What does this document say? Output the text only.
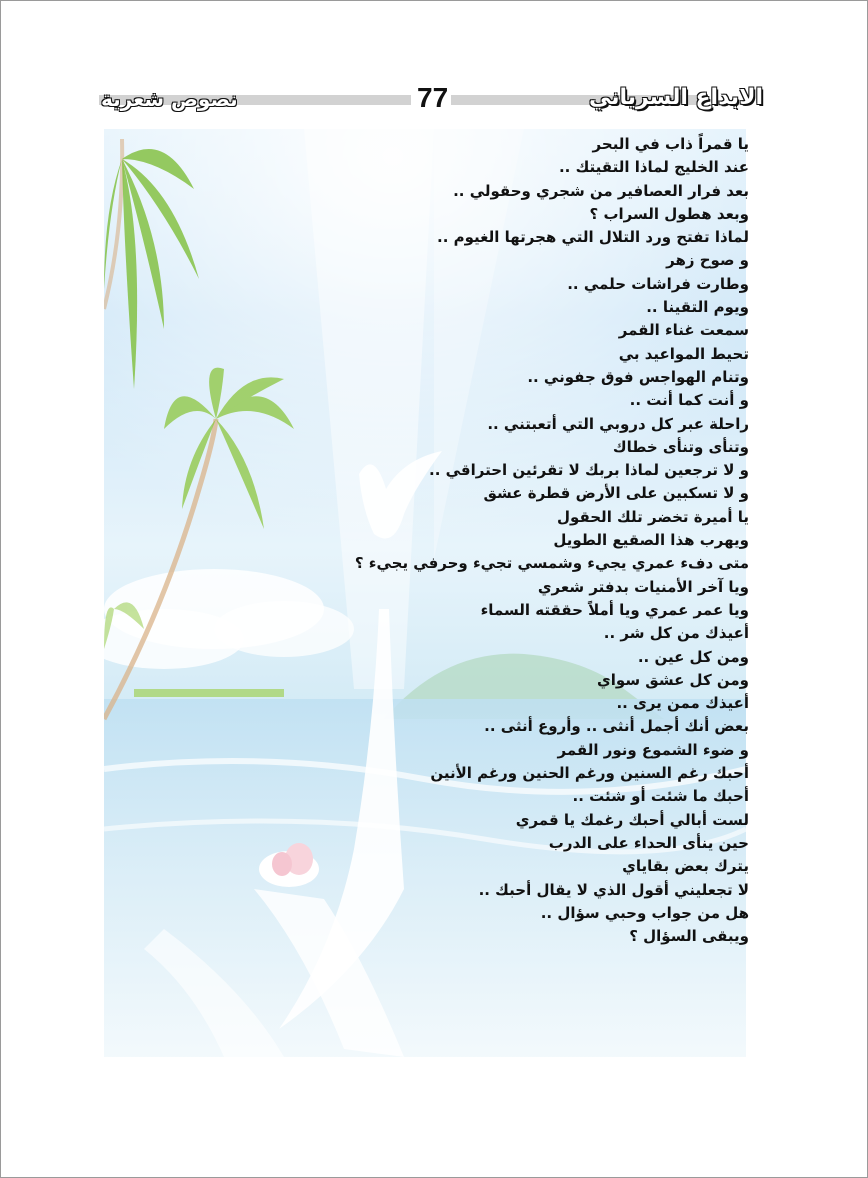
نصوص شعرية	77	الابداع السرياني
يا قمراً ذاب في البحر
عند الخليج لماذا التقيتك ..
بعد فرار العصافير من شجري وحقولي ..
وبعد هطول السراب ؟
لماذا تفتح ورد التلال التي هجرتها الغيوم ..
و صوح زهر
وطارت فراشات حلمي ..
ويوم التقينا ..
سمعت غناء القمر
تحيط المواعيد بي
وتنام الهواجس فوق جفوني ..
و أنت كما أنت ..
راحلة عبر كل دروبي التي أتعبتني ..
وتنأى وتنأى خطاك
و لا ترجعين لماذا بربك لا تقرئين احتراقي ..
و لا تسكبين على الأرض قطرة عشق
يا أميرة تخضر تلك الحقول
ويهرب هذا الصقيع الطويل
متى دفء عمري يجيء وشمسي تجيء وحرفي يجيء ؟
ويا آخر الأمنيات بدفتر شعري
ويا عمر عمري ويا أملاً حققته السماء
أعيذك من كل شر ..
ومن كل عين ..
ومن كل عشق سواي
أعيذك ممن يرى ..
بعض أنك أجمل أنثى .. وأروع أنثى ..
و ضوء الشموع ونور القمر
أحبك رغم السنين ورغم الحنين ورغم الأنين
أحبك ما شئت أو شئت ..
لست أبالي أحبك رغمك يا قمري
حين ينأى الحداء على الدرب
يترك بعض بقاياي
لا تجعليني أقول الذي لا يقال أحبك ..
هل من جواب وحبي سؤال ..
ويبقى السؤال ؟
